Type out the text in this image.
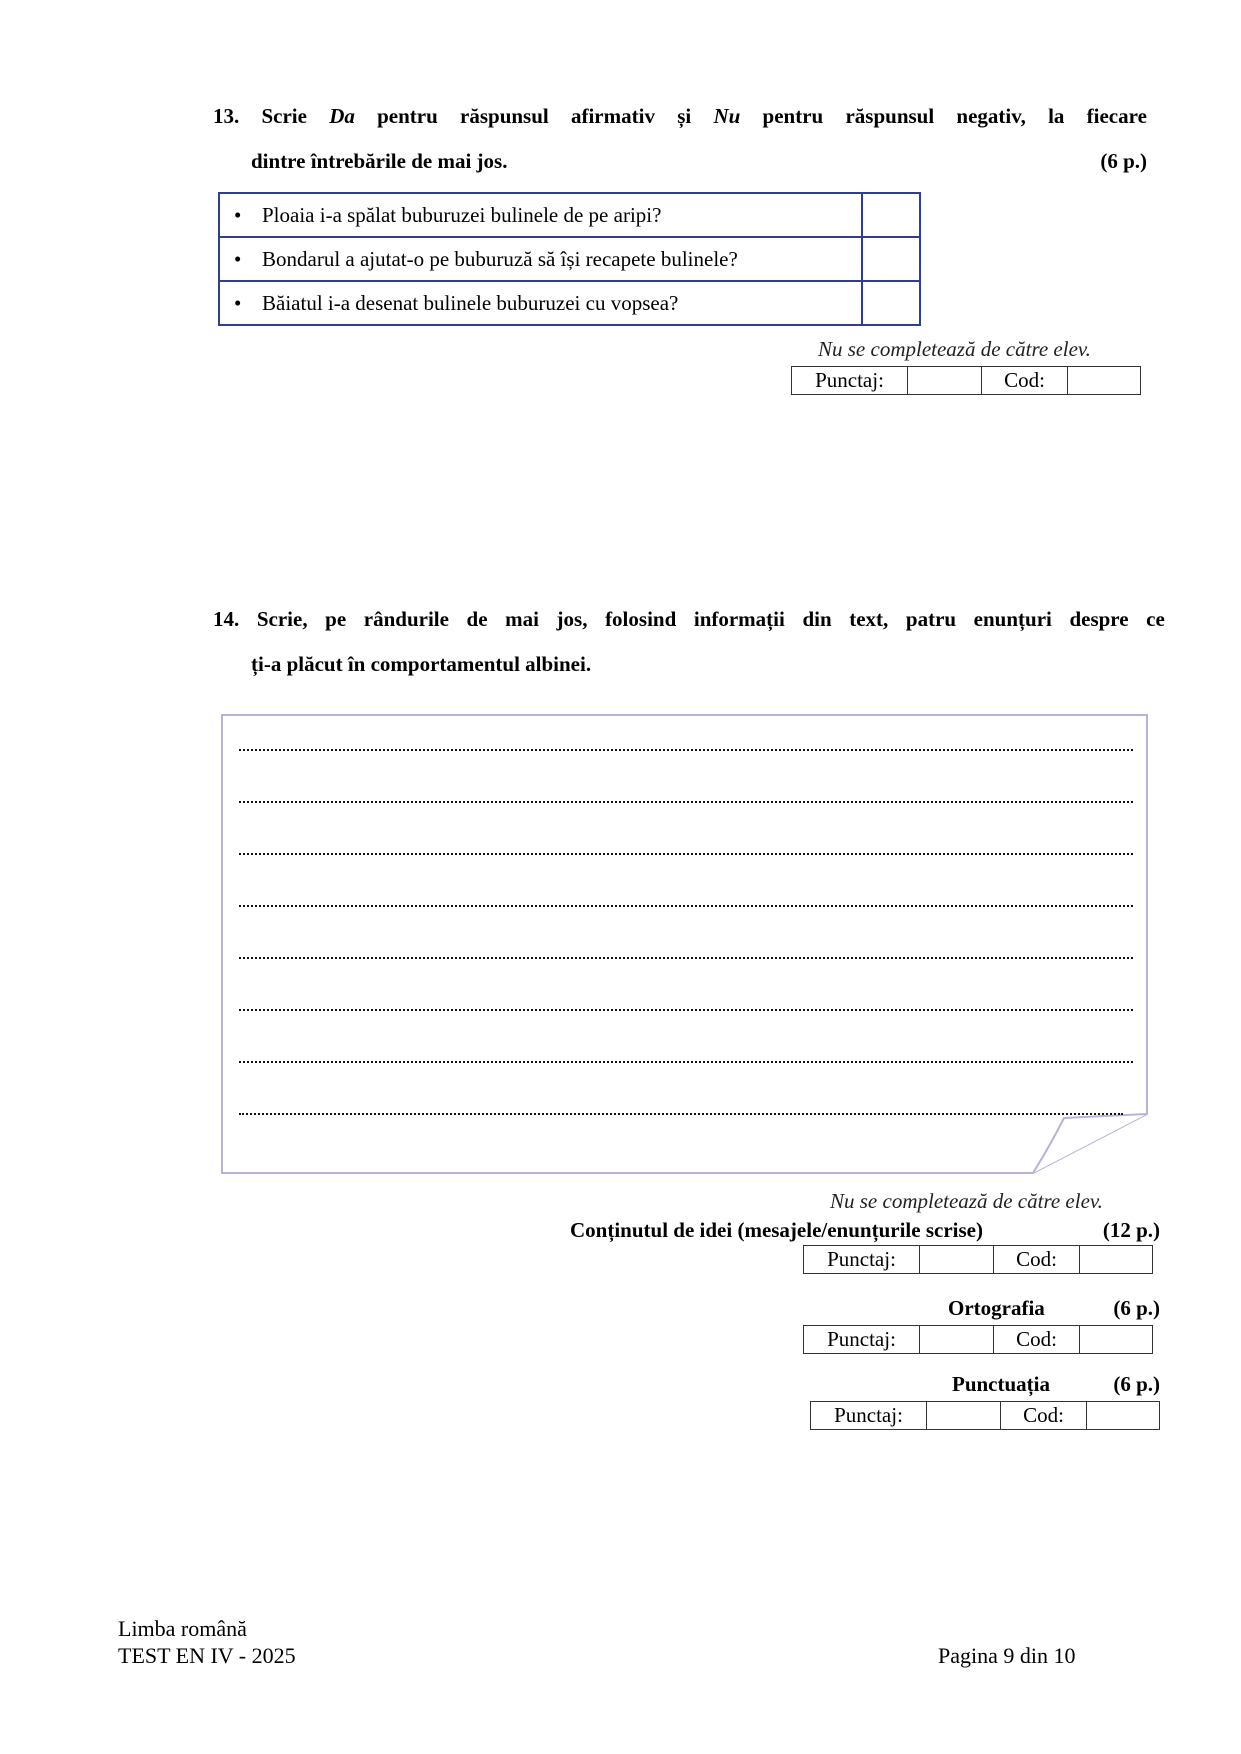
13. Scrie Da pentru răspunsul afirmativ și Nu pentru răspunsul negativ, la fiecare
dintre întrebările de mai jos.	(6 p.)
• Ploaia i-a spălat buburuzei bulinele de pe aripi?	
• Bondarul a ajutat-o pe buburuză să își recapete bulinele?	
• Băiatul i-a desenat bulinele buburuzei cu vopsea?	
Nu se completează de către elev.
Punctaj:		Cod:	
14. Scrie, pe rândurile de mai jos, folosind informații din text, patru enunțuri despre ce
ți-a plăcut în comportamentul albinei.
Nu se completează de către elev.
Conținutul de idei (mesajele/enunțurile scrise)	(12 p.)
Punctaj:		Cod:	
Ortografia	(6 p.)
Punctaj:		Cod:	
Punctuația	(6 p.)
Punctaj:		Cod:	
Limba română
TEST EN IV - 2025	Pagina 9 din 10
